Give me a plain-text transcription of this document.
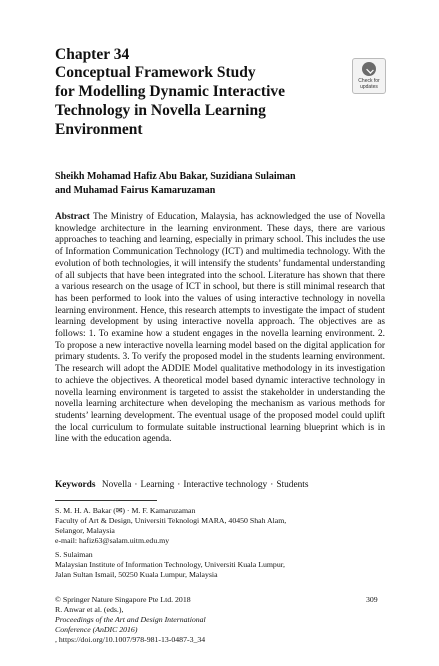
Chapter 34
Conceptual Framework Study
for Modelling Dynamic Interactive
Technology in Novella Learning
Environment
Check for
updates
Sheikh Mohamad Hafiz Abu Bakar, Suzidiana Sulaiman
and Muhamad Fairus Kamaruzaman
Abstract The Ministry of Education, Malaysia, has acknowledged the use of Novella knowledge architecture in the learning environment. These days, there are various approaches to teaching and learning, especially in primary school. This includes the use of Information Communication Technology (ICT) and multimedia technology. With the evolution of both technologies, it will intensify the students’ fundamental understanding of all subjects that have been integrated into the school. Literature has shown that there a various research on the usage of ICT in school, but there is still minimal research that has been performed to look into the values of using interactive technology in novella learning environment. Hence, this research attempts to investigate the impact of student learning development by using interactive novella approach. The objectives are as follows: 1. To examine how a student engages in the novella learning environment. 2. To propose a new interactive novella learning model based on the digital application for primary students. 3. To verify the proposed model in the students learning environment. The research will adopt the ADDIE Model qualitative methodology in its investigation to achieve the objectives. A theoretical model based dynamic interactive technology in novella learning environment is targeted to assist the stakeholder in understanding the novella learning architecture when developing the mechanism as various methods for students’ learning development. The eventual usage of the proposed model could uplift the local curriculum to formulate suitable instructional learning blueprint which is in line with the education agenda.
Keywords Novella · Learning · Interactive technology · Students
S. M. H. A. Bakar (✉) · M. F. Kamaruzaman
Faculty of Art & Design, Universiti Teknologi MARA, 40450 Shah Alam,
Selangor, Malaysia
e-mail: hafiz63@salam.uitm.edu.my
S. Sulaiman
Malaysian Institute of Information Technology, Universiti Kuala Lumpur,
Jalan Sultan Ismail, 50250 Kuala Lumpur, Malaysia
© Springer Nature Singapore Pte Ltd. 2018
R. Anwar et al. (eds.),
Proceedings of the Art and Design International
Conference (AnDIC 2016)
, https://doi.org/10.1007/978-981-13-0487-3_34
309
